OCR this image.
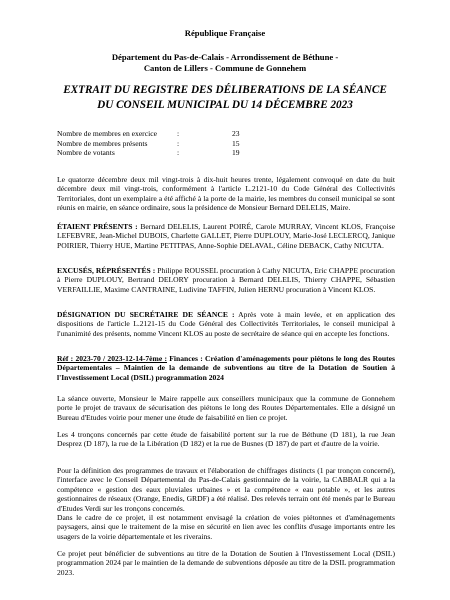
République Française
Département du Pas-de-Calais - Arrondissement de Béthune -
Canton de Lillers - Commune de Gonnehem
EXTRAIT DU REGISTRE DES DÉLIBERATIONS DE LA SÉANCE
DU CONSEIL MUNICIPAL DU 14 DÉCEMBRE 2023
Nombre de membres en exercice	:	23
Nombre de membres présents	:	15
Nombre de votants	:	19

Le quatorze décembre deux mil vingt-trois à dix-huit heures trente, légalement convoqué en date du huit décembre deux mil vingt-trois, conformément à l'article L.2121-10 du Code Général des Collectivités Territoriales, dont un exemplaire a été affiché à la porte de la mairie, les membres du conseil municipal se sont réunis en mairie, en séance ordinaire, sous la présidence de Monsieur Bernard DELELIS, Maire.

ÉTAIENT PRÉSENTS : Bernard DELELIS, Laurent POIRÉ, Carole MURRAY, Vincent KLOS, Françoise LEFEBVRE, Jean-Michel DUBOIS, Charlette GALLET, Pierre DUPLOUY, Marie-José LECLERCQ, Janique POIRIER, Thierry HUE, Martine PETITPAS, Anne-Sophie DELAVAL, Céline DEBACK, Cathy NICUTA.

EXCUSÉS, RÉPRÉSENTÉS : Philippe ROUSSEL procuration à Cathy NICUTA, Eric CHAPPE procuration à Pierre DUPLOUY, Bertrand DELORY procuration à Bernard DELELIS, Thierry CHAPPE, Sébastien VERFAILLIE, Maxime CANTRAINE, Ludivine TAFFIN, Julien HERNU procuration à Vincent KLOS.

DÉSIGNATION DU SECRÉTAIRE DE SÉANCE : Après vote à main levée, et en application des dispositions de l'article L.2121-15 du Code Général des Collectivités Territoriales, le conseil municipal à l'unanimité des présents, nomme Vincent KLOS au poste de secrétaire de séance qui en accepte les fonctions.

Réf : 2023-70 / 2023-12-14-7ème : Finances : Création d'aménagements pour piétons le long des Routes Départementales – Maintien de la demande de subventions au titre de la Dotation de Soutien à l'Investissement Local (DSIL) programmation 2024

La séance ouverte, Monsieur le Maire rappelle aux conseillers municipaux que la commune de Gonnehem porte le projet de travaux de sécurisation des piétons le long des Routes Départementales. Elle a désigné un Bureau d'Etudes voirie pour mener une étude de faisabilité en lien ce projet.

Les 4 tronçons concernés par cette étude de faisabilité portent sur la rue de Béthune (D 181), la rue Jean Desprez (D 187), la rue de la Libération (D 182) et la rue de Busnes (D 187) de part et d'autre de la voirie.

Pour la définition des programmes de travaux et l'élaboration de chiffrages distincts (1 par tronçon concerné), l'interface avec le Conseil Départemental du Pas-de-Calais gestionnaire de la voirie, la CABBALR qui a la compétence « gestion des eaux pluviales urbaines » et la compétence « eau potable », et les autres gestionnaires de réseaux (Orange, Enedis, GRDF) a été réalisé. Des relevés terrain ont été menés par le Bureau d'Etudes Verdi sur les tronçons concernés.

Dans le cadre de ce projet, il est notamment envisagé la création de voies piétonnes et d'aménagements paysagers, ainsi que le traitement de la mise en sécurité en lien avec les conflits d'usage importants entre les usagers de la voirie départementale et les riverains.

Ce projet peut bénéficier de subventions au titre de la Dotation de Soutien à l'Investissement Local (DSIL) programmation 2024 par le maintien de la demande de subventions déposée au titre de la DSIL programmation 2023.
